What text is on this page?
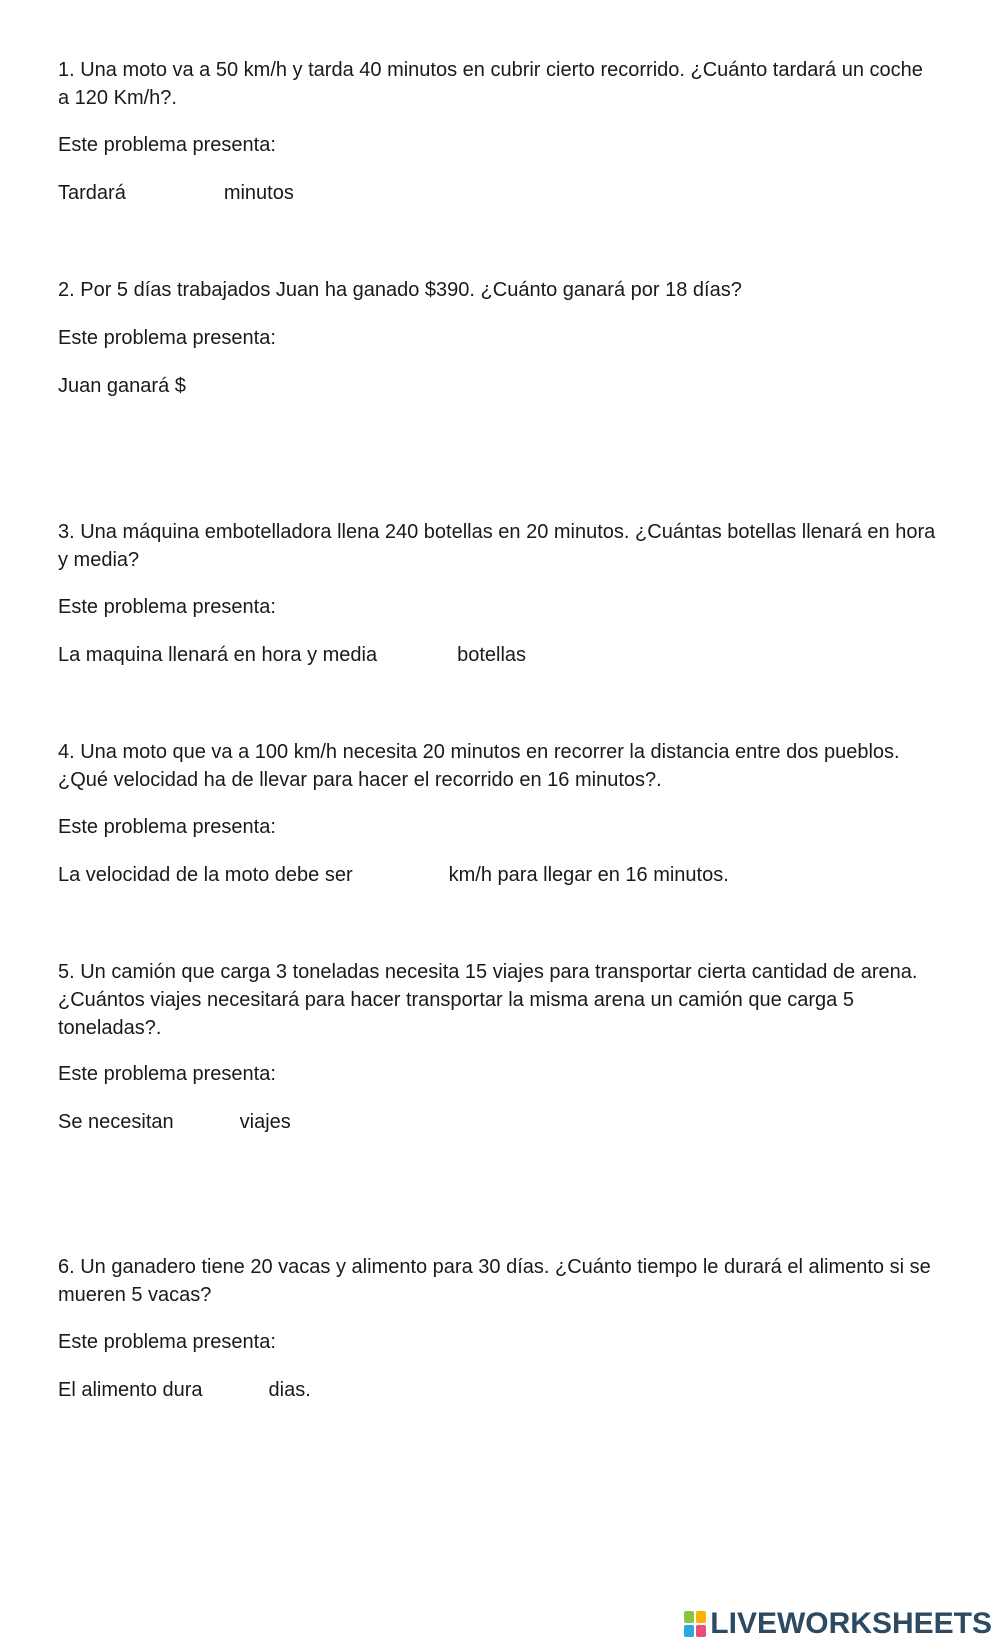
1. Una moto va a 50 km/h y tarda 40 minutos en cubrir cierto recorrido. ¿Cuánto tardará un coche a 120 Km/h?.
Este problema presenta:
Tardará	minutos
2. Por 5 días trabajados Juan ha ganado $390. ¿Cuánto ganará por 18 días?
Este problema presenta:
Juan ganará $
3. Una máquina embotelladora llena 240 botellas en 20 minutos. ¿Cuántas botellas llenará en hora y media?
Este problema presenta:
La maquina llenará en hora y media	botellas
4. Una moto que va a 100 km/h necesita 20 minutos en recorrer la distancia entre dos pueblos. ¿Qué velocidad ha de llevar para hacer el recorrido en 16 minutos?.
Este problema presenta:
La velocidad de la moto debe ser	km/h para llegar en 16 minutos.
5. Un camión que carga 3 toneladas necesita 15 viajes para transportar cierta cantidad de arena. ¿Cuántos viajes necesitará para hacer transportar la misma arena un camión que carga 5 toneladas?.
Este problema presenta:
Se necesitan	viajes
6. Un ganadero tiene 20 vacas y alimento para 30 días. ¿Cuánto tiempo le durará el alimento si se mueren 5 vacas?
Este problema presenta:
El alimento dura	dias.
LIVEWORKSHEETS
